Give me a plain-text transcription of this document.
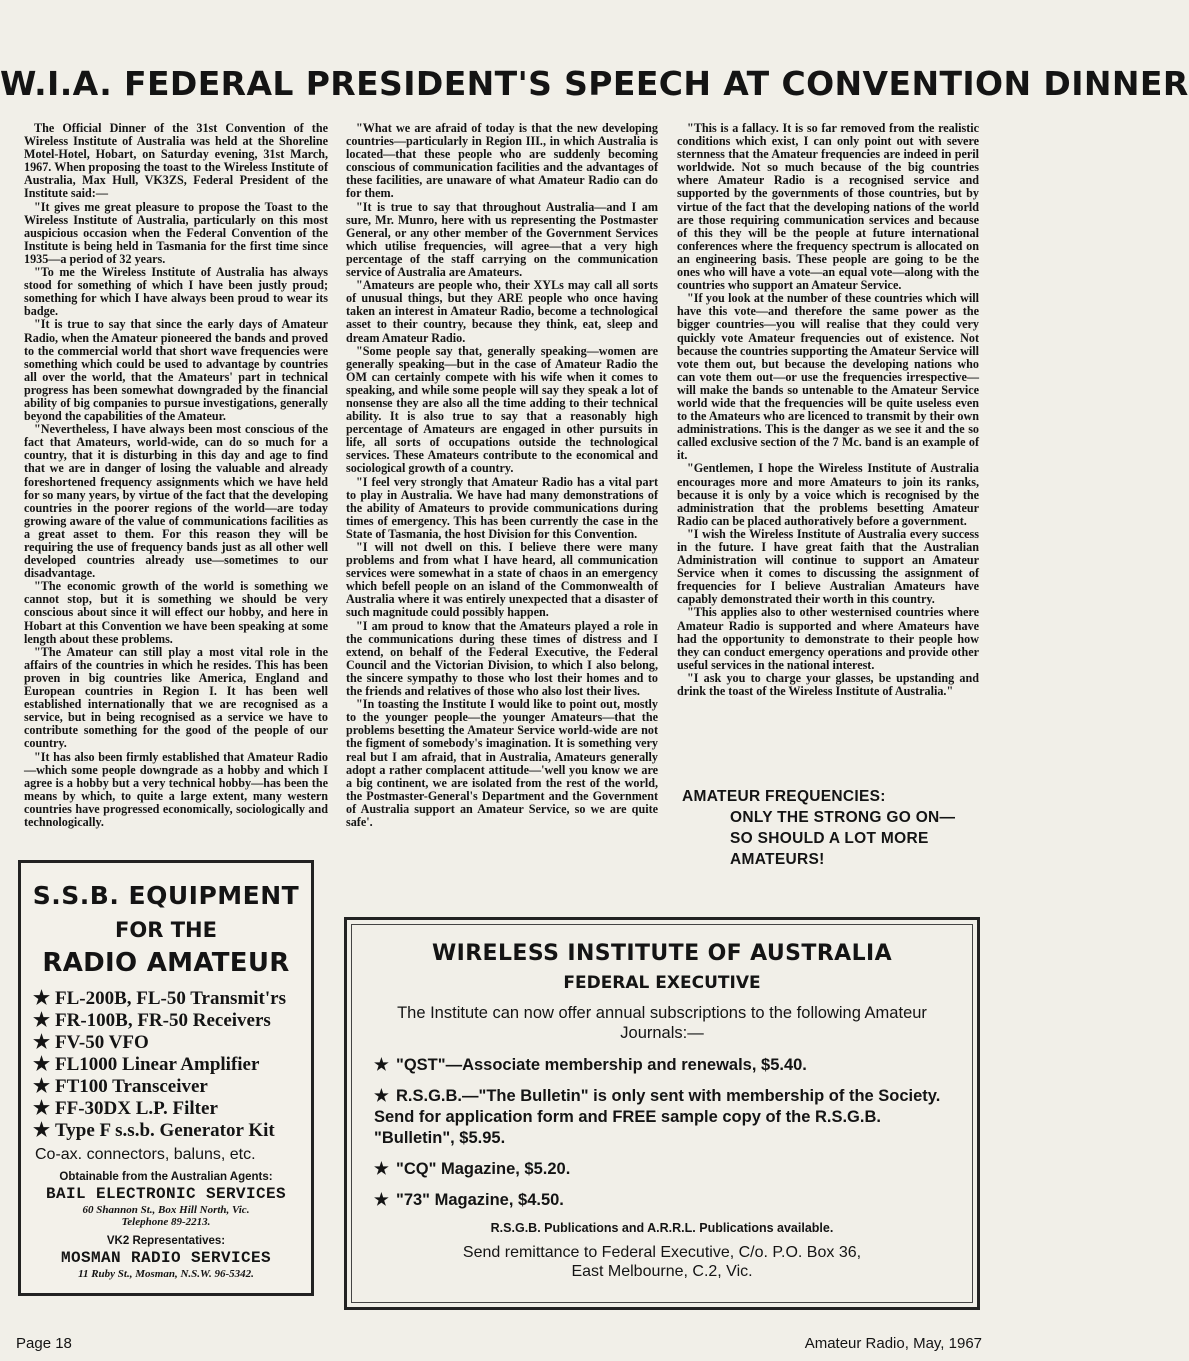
W.I.A. FEDERAL PRESIDENT'S SPEECH AT CONVENTION DINNER

The Official Dinner of the 31st Convention of the Wireless Institute of Australia was held at the Shoreline Motel-Hotel, Hobart, on Saturday evening, 31st March, 1967. When proposing the toast to the Wireless Institute of Australia, Max Hull, VK3ZS, Federal President of the Institute said:—

"It gives me great pleasure to propose the Toast to the Wireless Institute of Australia, particularly on this most auspicious occasion when the Federal Convention of the Institute is being held in Tasmania for the first time since 1935—a period of 32 years.

"To me the Wireless Institute of Australia has always stood for something of which I have been justly proud; something for which I have always been proud to wear its badge.

"It is true to say that since the early days of Amateur Radio, when the Amateur pioneered the bands and proved to the commercial world that short wave frequencies were something which could be used to advantage by countries all over the world, that the Amateurs' part in technical progress has been somewhat downgraded by the financial ability of big companies to pursue investigations, generally beyond the capabilities of the Amateur.

"Nevertheless, I have always been most conscious of the fact that Amateurs, world-wide, can do so much for a country, that it is disturbing in this day and age to find that we are in danger of losing the valuable and already foreshortened frequency assignments which we have held for so many years, by virtue of the fact that the developing countries in the poorer regions of the world—are today growing aware of the value of communications facilities as a great asset to them. For this reason they will be requiring the use of frequency bands just as all other well developed countries already use—sometimes to our disadvantage.

"The economic growth of the world is something we cannot stop, but it is something we should be very conscious about since it will effect our hobby, and here in Hobart at this Convention we have been speaking at some length about these problems.

"The Amateur can still play a most vital role in the affairs of the countries in which he resides. This has been proven in big countries like America, England and European countries in Region I. It has been well established internationally that we are recognised as a service, but in being recognised as a service we have to contribute something for the good of the people of our country.

"It has also been firmly established that Amateur Radio—which some people downgrade as a hobby and which I agree is a hobby but a very technical hobby—has been the means by which, to quite a large extent, many western countries have progressed economically, sociologically and technologically.

"What we are afraid of today is that the new developing countries—particularly in Region III., in which Australia is located—that these people who are suddenly becoming conscious of communication facilities and the advantages of these facilities, are unaware of what Amateur Radio can do for them.

"It is true to say that throughout Australia—and I am sure, Mr. Munro, here with us representing the Postmaster General, or any other member of the Government Services which utilise frequencies, will agree—that a very high percentage of the staff carrying on the communication service of Australia are Amateurs.

"Amateurs are people who, their XYLs may call all sorts of unusual things, but they ARE people who once having taken an interest in Amateur Radio, become a technological asset to their country, because they think, eat, sleep and dream Amateur Radio.

"Some people say that, generally speaking—women are generally speaking—but in the case of Amateur Radio the OM can certainly compete with his wife when it comes to speaking, and while some people will say they speak a lot of nonsense they are also all the time adding to their technical ability. It is also true to say that a reasonably high percentage of Amateurs are engaged in other pursuits in life, all sorts of occupations outside the technological services. These Amateurs contribute to the economical and sociological growth of a country.

"I feel very strongly that Amateur Radio has a vital part to play in Australia. We have had many demonstrations of the ability of Amateurs to provide communications during times of emergency. This has been currently the case in the State of Tasmania, the host Division for this Convention.

"I will not dwell on this. I believe there were many problems and from what I have heard, all communication services were somewhat in a state of chaos in an emergency which befell people on an island of the Commonwealth of Australia where it was entirely unexpected that a disaster of such magnitude could possibly happen.

"I am proud to know that the Amateurs played a role in the communications during these times of distress and I extend, on behalf of the Federal Executive, the Federal Council and the Victorian Division, to which I also belong, the sincere sympathy to those who lost their homes and to the friends and relatives of those who also lost their lives.

"In toasting the Institute I would like to point out, mostly to the younger people—the younger Amateurs—that the problems besetting the Amateur Service world-wide are not the figment of somebody's imagination. It is something very real but I am afraid, that in Australia, Amateurs generally adopt a rather complacent attitude—'well you know we are a big continent, we are isolated from the rest of the world, the Postmaster-General's Department and the Government of Australia support an Amateur Service, so we are quite safe'.

"This is a fallacy. It is so far removed from the realistic conditions which exist, I can only point out with severe sternness that the Amateur frequencies are indeed in peril worldwide. Not so much because of the big countries where Amateur Radio is a recognised service and supported by the governments of those countries, but by virtue of the fact that the developing nations of the world are those requiring communication services and because of this they will be the people at future international conferences where the frequency spectrum is allocated on an engineering basis. These people are going to be the ones who will have a vote—an equal vote—along with the countries who support an Amateur Service.

"If you look at the number of these countries which will have this vote—and therefore the same power as the bigger countries—you will realise that they could very quickly vote Amateur frequencies out of existence. Not because the countries supporting the Amateur Service will vote them out, but because the developing nations who can vote them out—or use the frequencies irrespective—will make the bands so untenable to the Amateur Service world wide that the frequencies will be quite useless even to the Amateurs who are licenced to transmit by their own administrations. This is the danger as we see it and the so called exclusive section of the 7 Mc. band is an example of it.

"Gentlemen, I hope the Wireless Institute of Australia encourages more and more Amateurs to join its ranks, because it is only by a voice which is recognised by the administration that the problems besetting Amateur Radio can be placed authoratively before a government.

"I wish the Wireless Institute of Australia every success in the future. I have great faith that the Australian Administration will continue to support an Amateur Service when it comes to discussing the assignment of frequencies for I believe Australian Amateurs have capably demonstrated their worth in this country.

"This applies also to other westernised countries where Amateur Radio is supported and where Amateurs have had the opportunity to demonstrate to their people how they can conduct emergency operations and provide other useful services in the national interest.

"I ask you to charge your glasses, be upstanding and drink the toast of the Wireless Institute of Australia."

AMATEUR FREQUENCIES:
ONLY THE STRONG GO ON—
SO SHOULD A LOT MORE
AMATEURS!
S.S.B. EQUIPMENT
FOR THE
RADIO AMATEUR
★ FL-200B, FL-50 Transmit'rs
★ FR-100B, FR-50 Receivers
★ FV-50 VFO
★ FL1000 Linear Amplifier
★ FT100 Transceiver
★ FF-30DX L.P. Filter
★ Type F s.s.b. Generator Kit
Co-ax. connectors, baluns, etc.
Obtainable from the Australian Agents:
BAIL ELECTRONIC SERVICES
60 Shannon St., Box Hill North, Vic.
Telephone 89-2213.
VK2 Representatives:
MOSMAN RADIO SERVICES
11 Ruby St., Mosman, N.S.W. 96-5342.
WIRELESS INSTITUTE OF AUSTRALIA
FEDERAL EXECUTIVE
The Institute can now offer annual subscriptions to the following Amateur Journals:—
★ "QST"—Associate membership and renewals, $5.40.
★ R.S.G.B.—"The Bulletin" is only sent with membership of the Society. Send for application form and FREE sample copy of the R.S.G.B. "Bulletin", $5.95.
★ "CQ" Magazine, $5.20.
★ "73" Magazine, $4.50.
R.S.G.B. Publications and A.R.R.L. Publications available.
Send remittance to Federal Executive, C/o. P.O. Box 36,
East Melbourne, C.2, Vic.
Page 18	Amateur Radio, May, 1967
